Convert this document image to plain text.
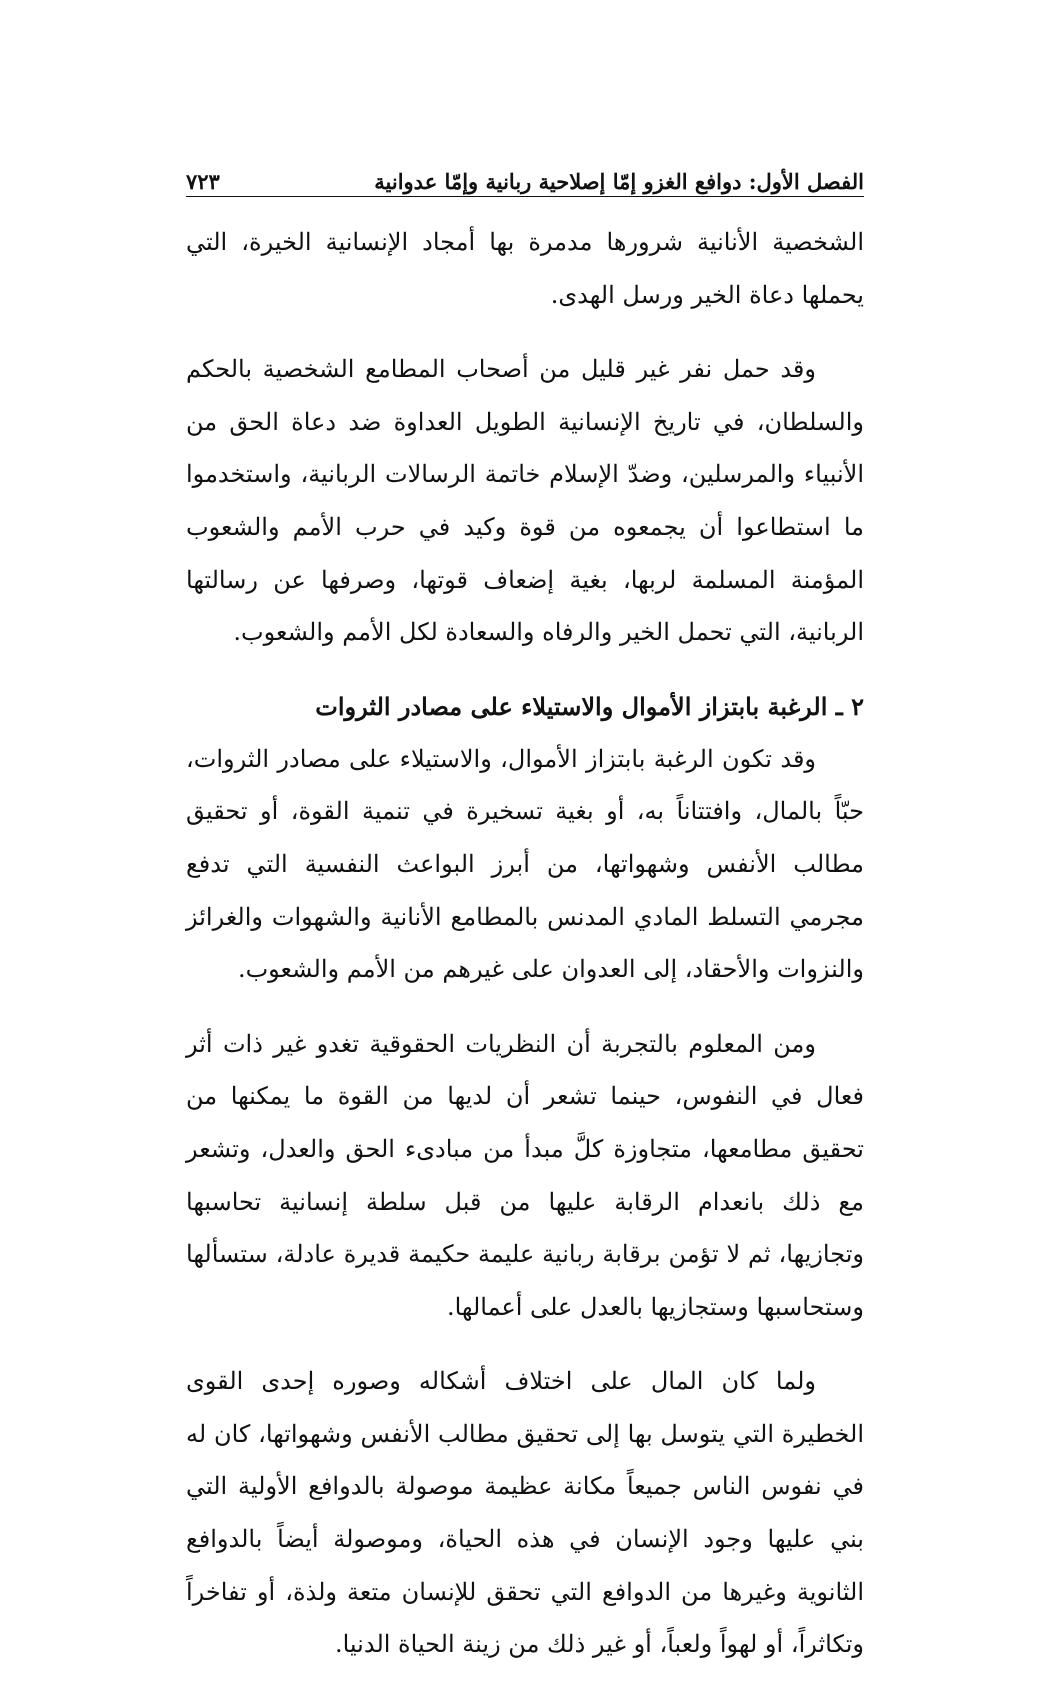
الفصل الأول: دوافع الغزو إمّا إصلاحية ربانية وإمّا عدوانية
٧٢٣

الشخصية الأنانية شرورها مدمرة بها أمجاد الإنسانية الخيرة، التي يحملها دعاة الخير ورسل الهدى.

وقد حمل نفر غير قليل من أصحاب المطامع الشخصية بالحكم والسلطان، في تاريخ الإنسانية الطويل العداوة ضد دعاة الحق من الأنبياء والمرسلين، وضدّ الإسلام خاتمة الرسالات الربانية، واستخدموا ما استطاعوا أن يجمعوه من قوة وكيد في حرب الأمم والشعوب المؤمنة المسلمة لربها، بغية إضعاف قوتها، وصرفها عن رسالتها الربانية، التي تحمل الخير والرفاه والسعادة لكل الأمم والشعوب.

٢ ـ الرغبة بابتزاز الأموال والاستيلاء على مصادر الثروات

وقد تكون الرغبة بابتزاز الأموال، والاستيلاء على مصادر الثروات، حبّاً بالمال، وافتتاناً به، أو بغية تسخيرة في تنمية القوة، أو تحقيق مطالب الأنفس وشهواتها، من أبرز البواعث النفسية التي تدفع مجرمي التسلط المادي المدنس بالمطامع الأنانية والشهوات والغرائز والنزوات والأحقاد، إلى العدوان على غيرهم من الأمم والشعوب.

ومن المعلوم بالتجربة أن النظريات الحقوقية تغدو غير ذات أثر فعال في النفوس، حينما تشعر أن لديها من القوة ما يمكنها من تحقيق مطامعها، متجاوزة كلَّ مبدأ من مبادىء الحق والعدل، وتشعر مع ذلك بانعدام الرقابة عليها من قبل سلطة إنسانية تحاسبها وتجازيها، ثم لا تؤمن برقابة ربانية عليمة حكيمة قديرة عادلة، ستسألها وستحاسبها وستجازيها بالعدل على أعمالها.

ولما كان المال على اختلاف أشكاله وصوره إحدى القوى الخطيرة التي يتوسل بها إلى تحقيق مطالب الأنفس وشهواتها، كان له في نفوس الناس جميعاً مكانة عظيمة موصولة بالدوافع الأولية التي بني عليها وجود الإنسان في هذه الحياة، وموصولة أيضاً بالدوافع الثانوية وغيرها من الدوافع التي تحقق للإنسان متعة ولذة، أو تفاخراً وتكاثراً، أو لهواً ولعباً، أو غير ذلك من زينة الحياة الدنيا.
